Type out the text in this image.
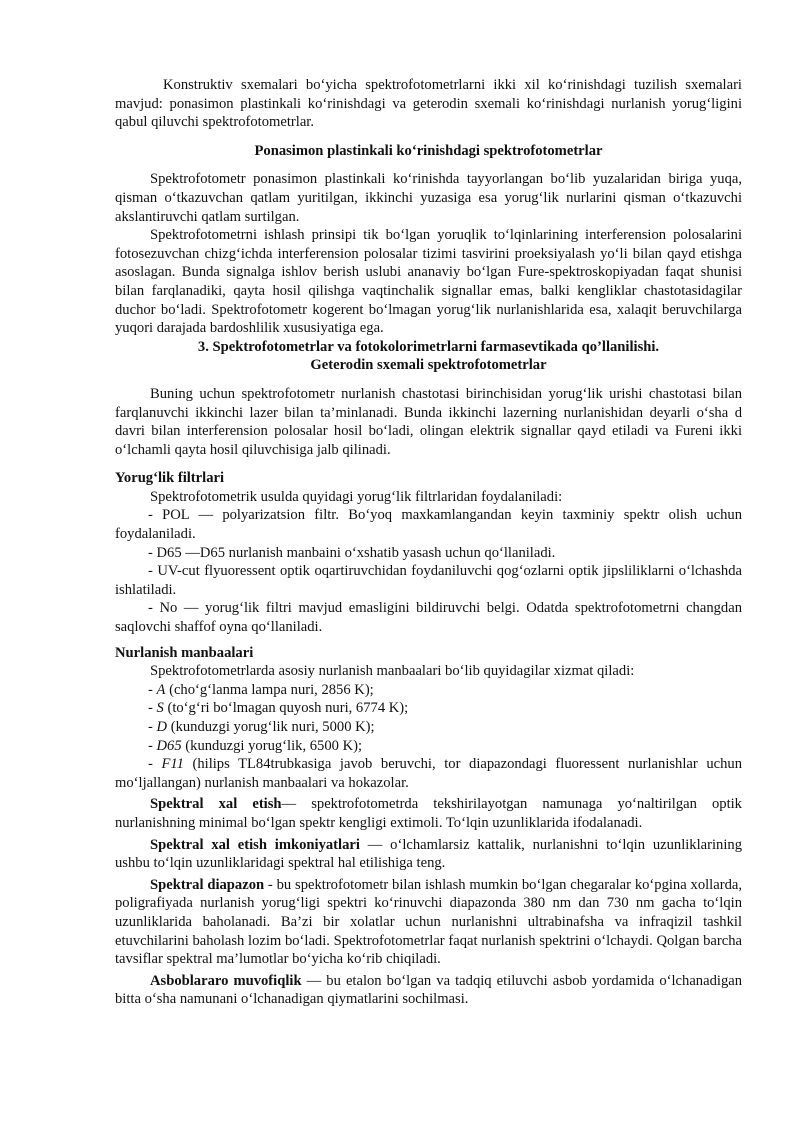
Konstruktiv sxemalari bo‘yicha spektrofotometrlarni ikki xil ko‘rinishdagi tuzilish sxemalari mavjud: ponasimon plastinkali ko‘rinishdagi va geterodin sxemali ko‘rinishdagi nurlanish yorug‘ligini qabul qiluvchi spektrofotometrlar.

Ponasimon plastinkali ko‘rinishdagi spektrofotometrlar

Spektrofotometr ponasimon plastinkali ko‘rinishda tayyorlangan bo‘lib yuzalaridan biriga yuqa, qisman o‘tkazuvchan qatlam yuritilgan, ikkinchi yuzasiga esa yorug‘lik nurlarini qisman o‘tkazuvchi akslantiruvchi qatlam surtilgan.

Spektrofotometrni ishlash prinsipi tik bo‘lgan yoruqlik to‘lqinlarining interferension polosalarini fotosezuvchan chizg‘ichda interferension polosalar tizimi tasvirini proeksiyalash yo‘li bilan qayd etishga asoslagan. Bunda signalga ishlov berish uslubi ananaviy bo‘lgan Fure-spektroskopiyadan faqat shunisi bilan farqlanadiki, qayta hosil qilishga vaqtinchalik signallar emas, balki kengliklar chastotasidagilar duchor bo‘ladi. Spektrofotometr kogerent bo‘lmagan yorug‘lik nurlanishlarida esa, xalaqit beruvchilarga yuqori darajada bardoshlilik xususiyatiga ega.

3. Spektrofotometrlar va fotokolorimetrlarni farmasevtikada qo’llanilishi.

Geterodin sxemali spektrofotometrlar

Buning uchun spektrofotometr nurlanish chastotasi birinchisidan yorug‘lik urishi chastotasi bilan farqlanuvchi ikkinchi lazer bilan ta’minlanadi. Bunda ikkinchi lazerning nurlanishidan deyarli o‘sha d davri bilan interferension polosalar hosil bo‘ladi, olingan elektrik signallar qayd etiladi va Fureni ikki o‘lchamli qayta hosil qiluvchisiga jalb qilinadi.

Yorug‘lik filtrlari

Spektrofotometrik usulda quyidagi yorug‘lik filtrlaridan foydalaniladi:

- POL — polyarizatsion filtr. Bo‘yoq maxkamlangandan keyin taxminiy spektr olish uchun foydalaniladi.

- D65 —D65 nurlanish manbaini o‘xshatib yasash uchun qo‘llaniladi.

- UV-cut flyuoressent optik oqartiruvchidan foydaniluvchi qog‘ozlarni optik jipsliliklarni o‘lchashda ishlatiladi.

- No — yorug‘lik filtri mavjud emasligini bildiruvchi belgi. Odatda spektrofotometrni changdan saqlovchi shaffof oyna qo‘llaniladi.

Nurlanish manbaalari

Spektrofotometrlarda asosiy nurlanish manbaalari bo‘lib quyidagilar xizmat qiladi:

- A (cho‘g‘lanma lampa nuri, 2856 K);

- S (to‘g‘ri bo‘lmagan quyosh nuri, 6774 K);

- D (kunduzgi yorug‘lik nuri, 5000 K);

- D65 (kunduzgi yorug‘lik, 6500 K);

- F11 (hilips TL84trubkasiga javob beruvchi, tor diapazondagi fluoressent nurlanishlar uchun mo‘ljallangan) nurlanish manbaalari va hokazolar.

Spektral xal etish— spektrofotometrda tekshirilayotgan namunaga yo‘naltirilgan optik nurlanishning minimal bo‘lgan spektr kengligi extimoli. To‘lqin uzunliklarida ifodalanadi.

Spektral xal etish imkoniyatlari — o‘lchamlarsiz kattalik, nurlanishni to‘lqin uzunliklarining ushbu to‘lqin uzunliklaridagi spektral hal etilishiga teng.

Spektral diapazon - bu spektrofotometr bilan ishlash mumkin bo‘lgan chegaralar ko‘pgina xollarda, poligrafiyada nurlanish yorug‘ligi spektri ko‘rinuvchi diapazonda 380 nm dan 730 nm gacha to‘lqin uzunliklarida baholanadi. Ba’zi bir xolatlar uchun nurlanishni ultrabinafsha va infraqizil tashkil etuvchilarini baholash lozim bo‘ladi. Spektrofotometrlar faqat nurlanish spektrini o‘lchaydi. Qolgan barcha tavsiflar spektral ma’lumotlar bo‘yicha ko‘rib chiqiladi.

Asboblararo muvofiqlik — bu etalon bo‘lgan va tadqiq etiluvchi asbob yordamida o‘lchanadigan bitta o‘sha namunani o‘lchanadigan qiymatlarini sochilmasi.
